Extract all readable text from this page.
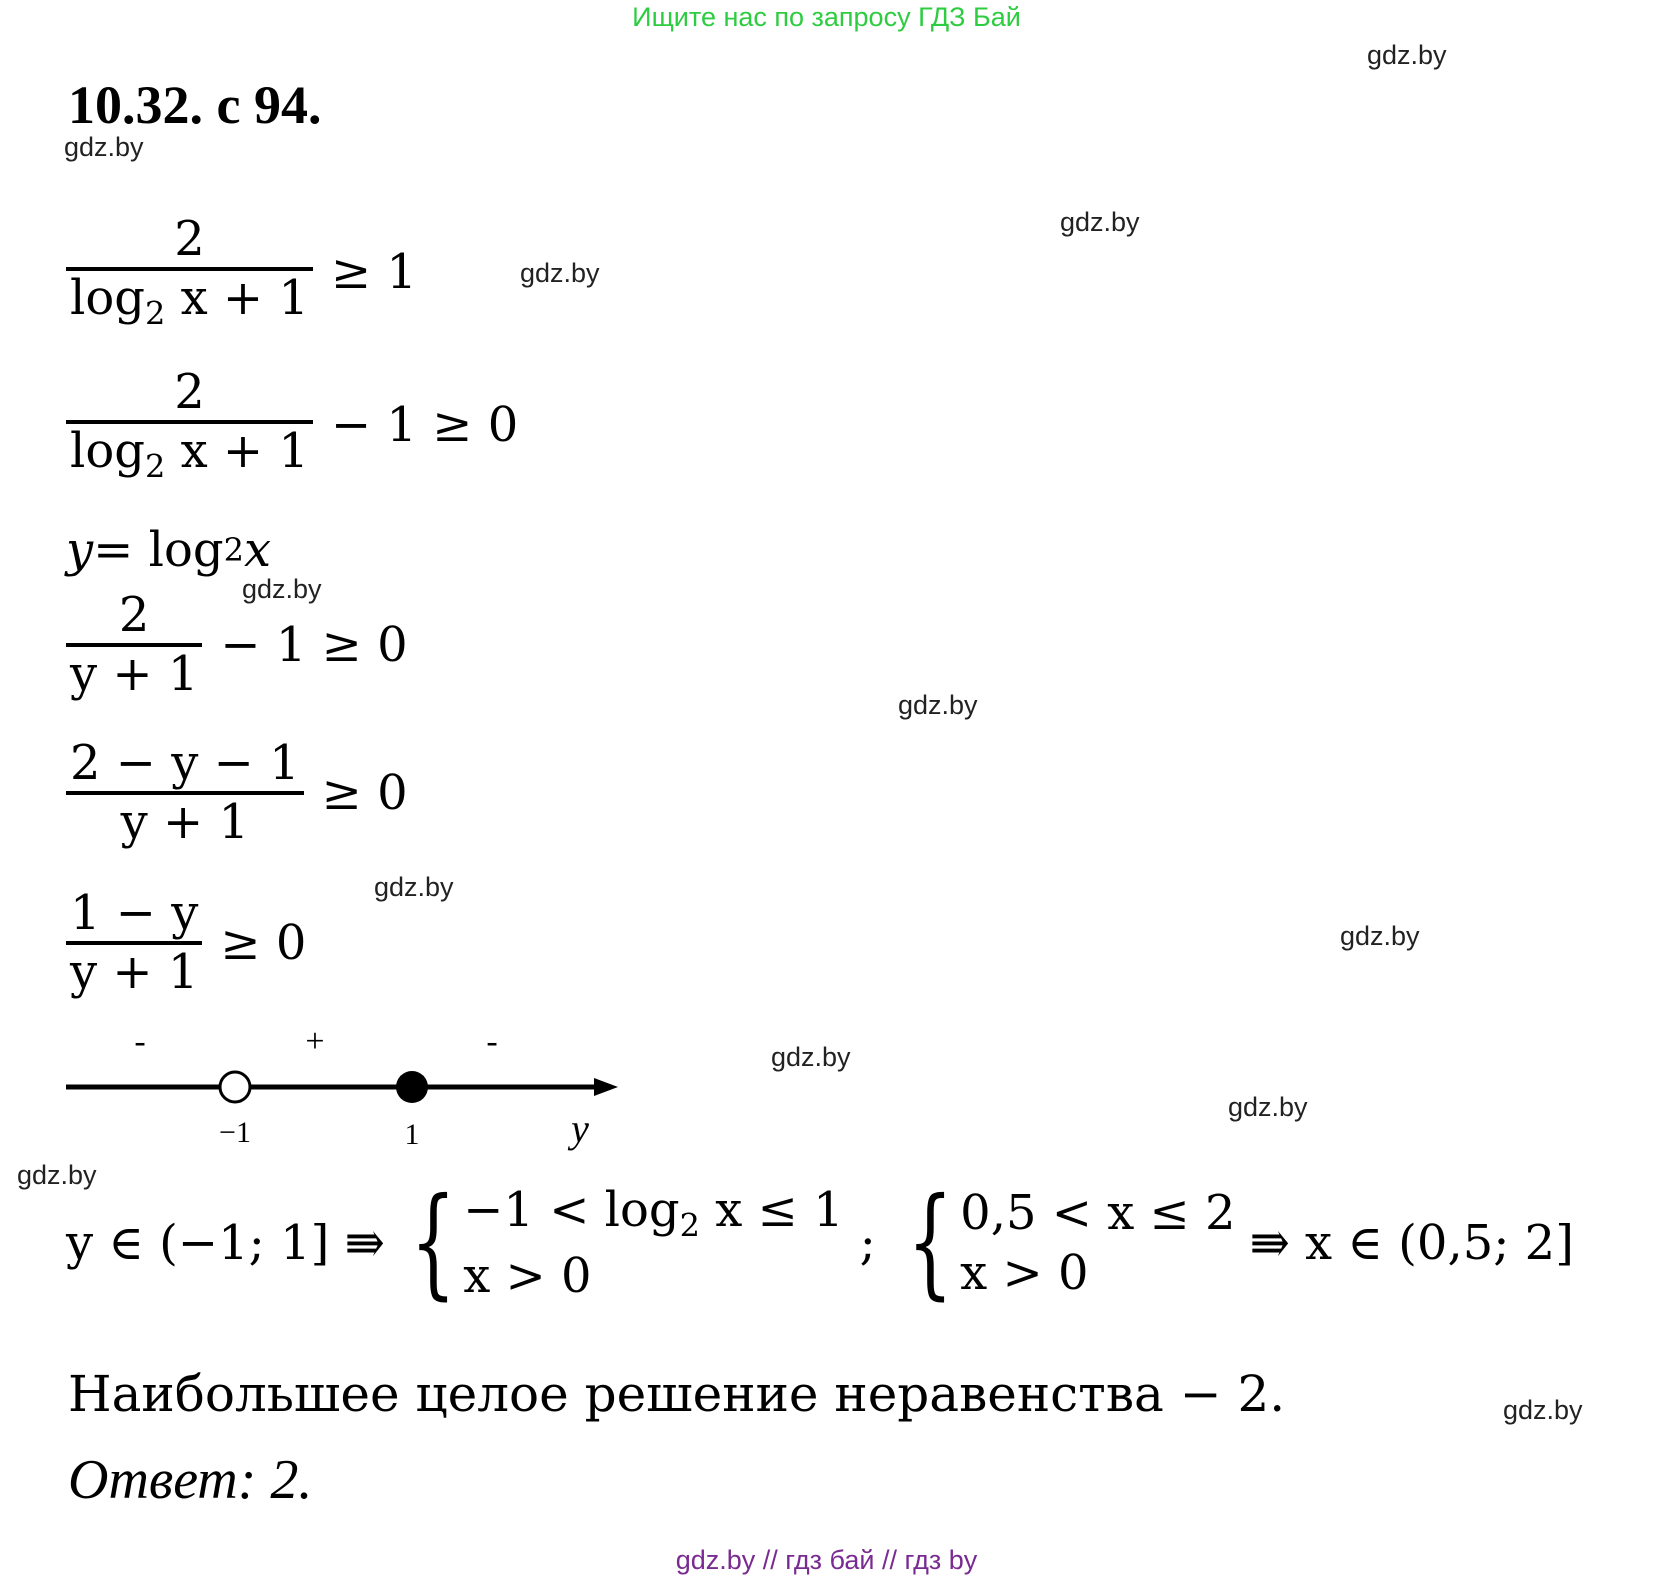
Ищите нас по запросу ГДЗ Бай
gdz.by
gdz.by
gdz.by
gdz.by
gdz.by
gdz.by
gdz.by
gdz.by
gdz.by
gdz.by
gdz.by
gdz.by
10.32. с 94.
$\frac{2}{\log_2 x + 1} \ge 1$
$\frac{2}{\log_2 x + 1} - 1 \ge 0$
y = log 2 x
$\frac{2}{y + 1} - 1 \ge 0$
$\frac{2 - y - 1}{y + 1} \ge 0$
$\frac{1 - y}{y + 1} \ge 0$
-	+	-
−1	1	y
y ∈ (−1; 1] ⇛ { $-1 < \log_2 x \le 1$
x > 0
; { 0,5 < x ≤ 2
x > 0
⇛ x ∈ (0,5; 2]
Наибольшее целое решение неравенства − 2.
Ответ: 2.
gdz.by // гдз бай // гдз by
